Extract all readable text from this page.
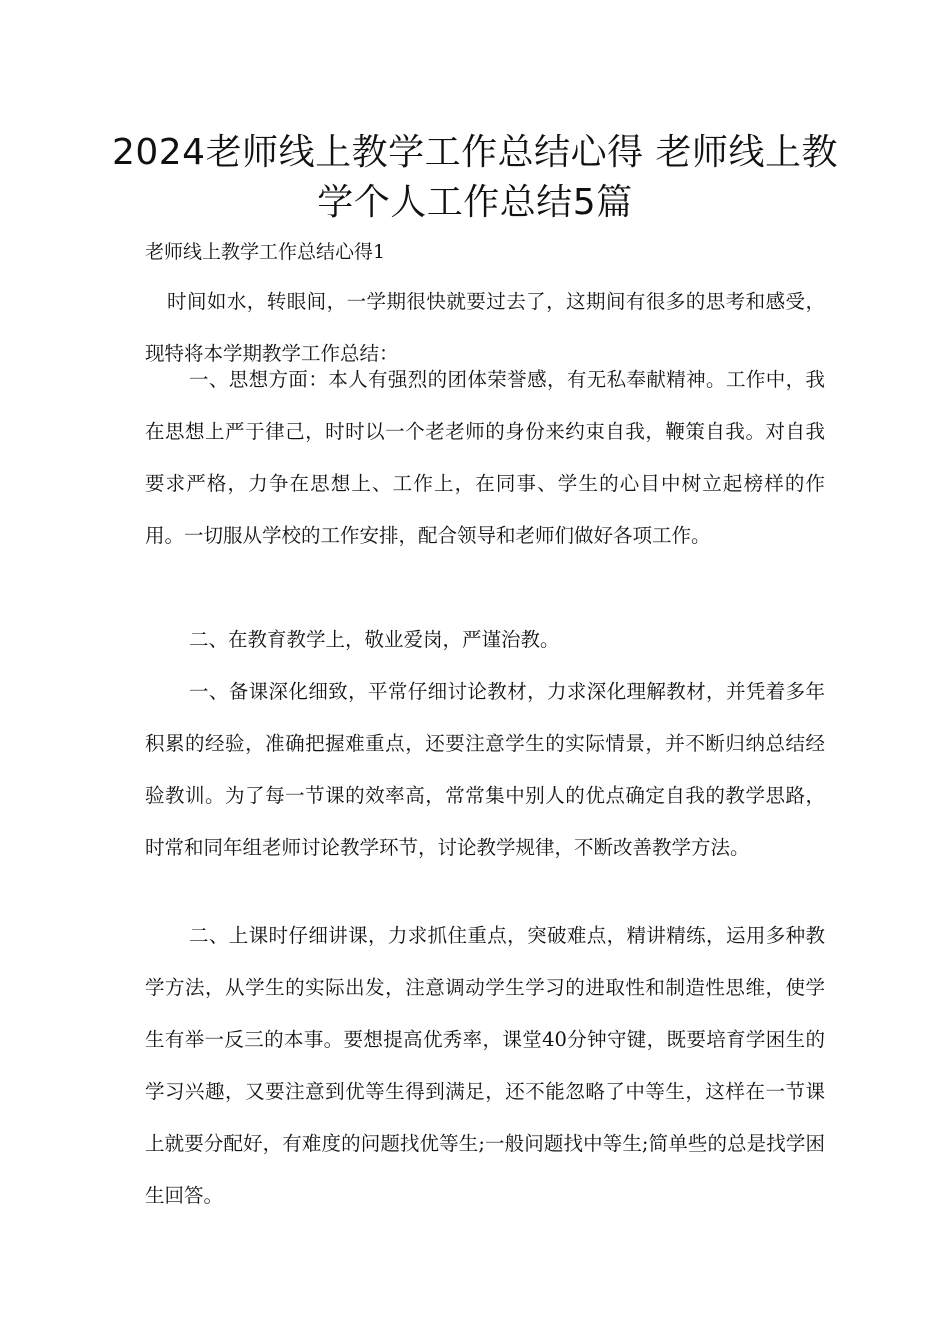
2024老师线上教学工作总结心得 老师线上教学个人工作总结5篇

老师线上教学工作总结心得1

时间如水，转眼间，一学期很快就要过去了，这期间有很多的思考和感受，现特将本学期教学工作总结：

一、思想方面：本人有强烈的团体荣誉感，有无私奉献精神。工作中，我在思想上严于律己，时时以一个老老师的身份来约束自我，鞭策自我。对自我要求严格，力争在思想上、工作上，在同事、学生的心目中树立起榜样的作用。一切服从学校的工作安排，配合领导和老师们做好各项工作。

二、在教育教学上，敬业爱岗，严谨治教。

一、备课深化细致，平常仔细讨论教材，力求深化理解教材，并凭着多年积累的经验，准确把握难重点，还要注意学生的实际情景，并不断归纳总结经验教训。为了每一节课的效率高，常常集中别人的优点确定自我的教学思路，时常和同年组老师讨论教学环节，讨论教学规律，不断改善教学方法。

二、上课时仔细讲课，力求抓住重点，突破难点，精讲精练，运用多种教学方法，从学生的实际出发，注意调动学生学习的进取性和制造性思维，使学生有举一反三的本事。要想提高优秀率，课堂40分钟守键，既要培育学困生的学习兴趣，又要注意到优等生得到满足，还不能忽略了中等生，这样在一节课上就要分配好，有难度的问题找优等生;一般问题找中等生;简单些的总是找学困生回答。
